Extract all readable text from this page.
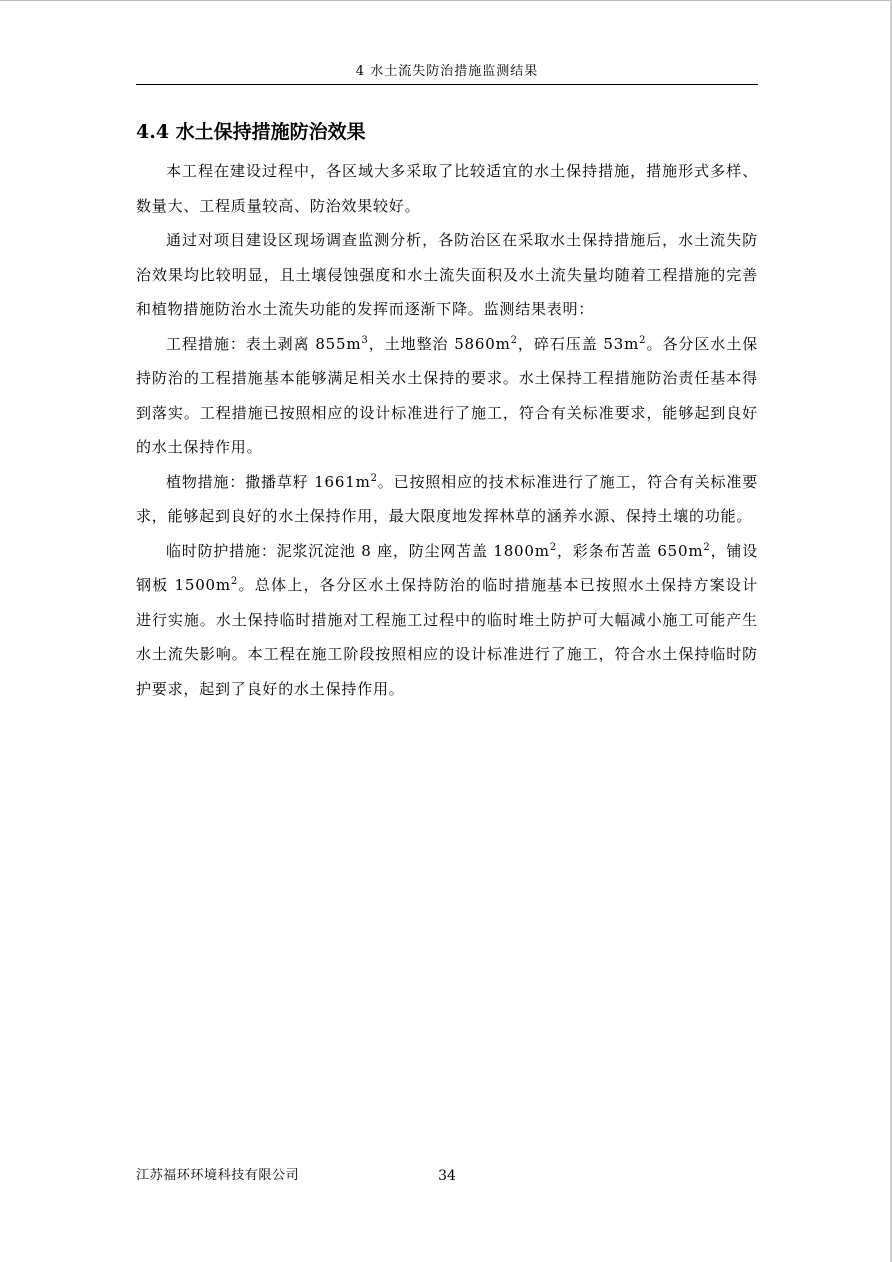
4 水土流失防治措施监测结果
4.4 水土保持措施防治效果

本工程在建设过程中，各区域大多采取了比较适宜的水土保持措施，措施形式多样、数量大、工程质量较高、防治效果较好。

通过对项目建设区现场调查监测分析，各防治区在采取水土保持措施后，水土流失防治效果均比较明显，且土壤侵蚀强度和水土流失面积及水土流失量均随着工程措施的完善和植物措施防治水土流失功能的发挥而逐渐下降。监测结果表明：

工程措施：表土剥离 $855m^3$，土地整治 $5860m^2$，碎石压盖 $53m^2$。各分区水土保持防治的工程措施基本能够满足相关水土保持的要求。水土保持工程措施防治责任基本得到落实。工程措施已按照相应的设计标准进行了施工，符合有关标准要求，能够起到良好的水土保持作用。

植物措施：撒播草籽 $1661m^2$。已按照相应的技术标准进行了施工，符合有关标准要求，能够起到良好的水土保持作用，最大限度地发挥林草的涵养水源、保持土壤的功能。

临时防护措施：泥浆沉淀池 8 座，防尘网苫盖 $1800m^2$，彩条布苫盖 $650m^2$，铺设钢板 $1500m^2$。总体上，各分区水土保持防治的临时措施基本已按照水土保持方案设计进行实施。水土保持临时措施对工程施工过程中的临时堆土防护可大幅减小施工可能产生水土流失影响。本工程在施工阶段按照相应的设计标准进行了施工，符合水土保持临时防护要求，起到了良好的水土保持作用。

江苏福环环境科技有限公司	34
